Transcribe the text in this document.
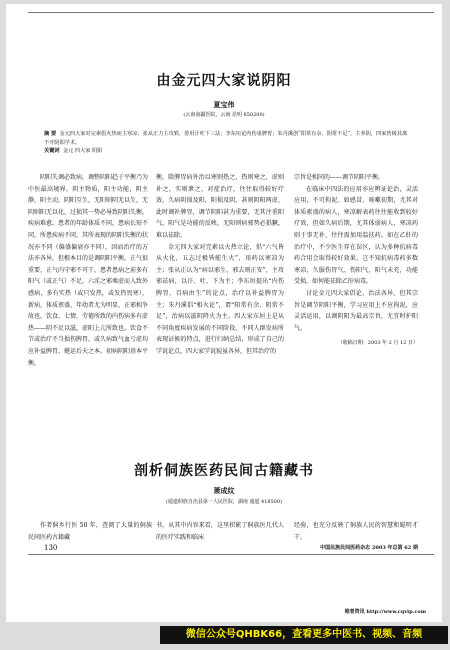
由金元四大家说阴阳
夏宝伟
(云南南疆医院，云南 昆明 650200)
摘 要 金元四大家对完素倡火热而主寒凉；张从正力主攻邪，善用汗吐下三法；李东垣论内伤重脾胃；朱丹溪创“阳常有余，阴常不足”，主养阴，四家皆极其离不开阴阳学术。
关键词 金元 四大家 阴阳

阴阳失调必致病，调整阴阳趋于平衡乃为中医最高境界。阴主物质，阳主功能，阴主静，阳主动，阴阳互生，无阳则阴无以生，无阴则阳无以化，过损其一势必导致阴阳失衡，疾病难愈。患者的年龄体质不同，患病长短不同，所患疾病不同，其所表现的阴阳失衡的状况亦不同（偏盛偏衰亦不同），因而治疗的方法亦各异，但根本目的是调阴阳平衡。正气很重要，正气内守邪不可干。患者患病之前多有阳气（或正气）不足，六淫之邪乘虚而入致外感病，多有实热（或只发热，或发热畏寒），新病，体质禀盛，年幼者尤为明显，正邪相争故也。饮食、七情、劳倦所致的内伤病多有虚热——阴不足以滋，虚阳上亢所致也。饮食不节或治疗不当损伤脾胃，或久病致气血亏虚均应补益脾胃，健运后天之本。初病阴阳基本平衡，

衡，除脾胃病外治以寒则热之，热则寒之，虚则补之，实则泄之，对症治疗，往往取得较好疗效。久病阴损及阳，阳损及阴，甚则阴阳两虚，此时调补脾胃，调节阴阳甚为重要，无其注重阳气，阳气是功能的反映，无阳则病邪势必猖獗，难以祛除。

金元四大家对完素以火热立论，倡“六气皆从火化，五志过极皆能生火”，用药以寒凉为主；张从正认为“病以邪生，邪去则正安”，主攻邪祛病，以汗、吐、下为主；李东垣提出“内伤脾胃，百病由生”的论点，治疗以补益脾胃为主；朱丹溪倡“相火论”，谓“阳常有余，阴常不足”，治病以滋阴降火为主。四大家东垣上是从不同角度疾病发展的不同阶段，不同人群发病所表现证候的特点，进行归纳总结，形成了自己的学说论点，四大家学说貌虽各异，但其治疗的

宗旨是相同的——调节阴阳平衡。

在临床中四法的应用亦应辨证论治，灵活应用，不可拘泥。如感冒、咳嗽初期，尤其对体质素盛的病人，寒凉解表药往往能收到较好疗效，但如久病后期，尤其体弱病人，寒凉药则于事无补，往往需加用温扶药。如在乙肝的治疗中，不少医生存在误区，认为多种抗病毒药合用会取得较好效果，岂不知抗病毒药多数寒凉，久服伤胃气、伤阳气，阳气未充，功能受损，如何能祛除乙肝病毒。

讨论金元四大家倡论、治法各异，但其宗旨是调节阴阳平衡，学习应用上不应拘泥，应灵活运用，以调阴阳为最高宗旨，尤宜时护阳气。

（收稿日期：2003 年 2 月 12 日）
剖析侗族医药民间古籍藏书
萧成纹
(通道侗族自治县第一人民医院，湖南 通道 418500)

作者侗乡行医 50 年，查阅了大量的侗族民间医药古籍藏

书，从其中内容来看，这里积累了侗族医几代人的医疗实践和临床

经验，也充分反映了侗族人民的智慧和聪明才干。

130	中国民族民间医药杂志 2003 年总第 62 期
维普资讯 http://www.cqvip.com
微信公众号QHBK66，查看更多中医书、视频、音频
